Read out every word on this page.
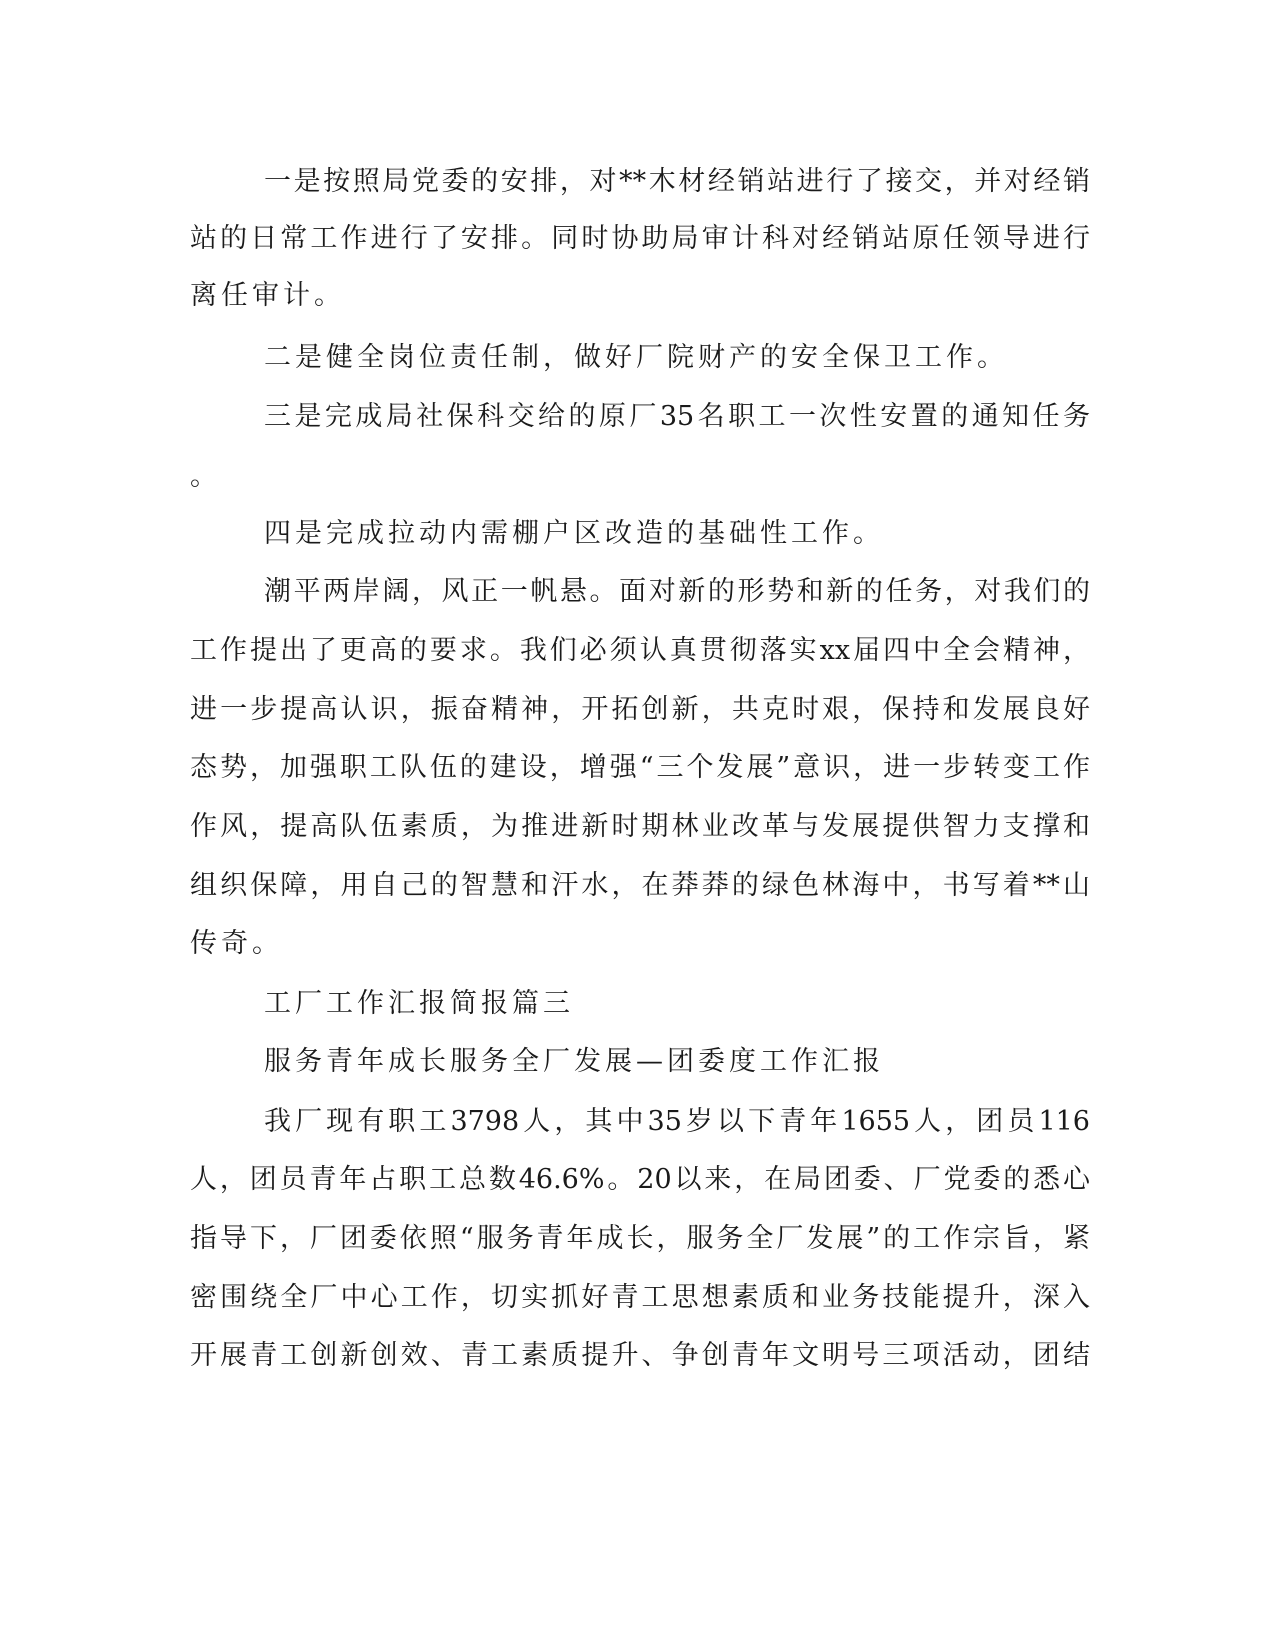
一是按照局党委的安排，对**木材经销站进行了接交，并对经销
站的日常工作进行了安排。同时协助局审计科对经销站原任领导进行
离任审计。
二是健全岗位责任制，做好厂院财产的安全保卫工作。
三是完成局社保科交给的原厂35名职工一次性安置的通知任务
。
四是完成拉动内需棚户区改造的基础性工作。
潮平两岸阔，风正一帆悬。面对新的形势和新的任务，对我们的
工作提出了更高的要求。我们必须认真贯彻落实xx届四中全会精神，
进一步提高认识，振奋精神，开拓创新，共克时艰，保持和发展良好
态势，加强职工队伍的建设，增强“三个发展”意识，进一步转变工作
作风，提高队伍素质，为推进新时期林业改革与发展提供智力支撑和
组织保障，用自己的智慧和汗水，在莽莽的绿色林海中，书写着**山
传奇。
工厂工作汇报简报篇三
服务青年成长服务全厂发展—团委度工作汇报
我厂现有职工3798人，其中35岁以下青年1655人，团员116
人，团员青年占职工总数46.6%。20以来，在局团委、厂党委的悉心
指导下，厂团委依照“服务青年成长，服务全厂发展”的工作宗旨，紧
密围绕全厂中心工作，切实抓好青工思想素质和业务技能提升，深入
开展青工创新创效、青工素质提升、争创青年文明号三项活动，团结
